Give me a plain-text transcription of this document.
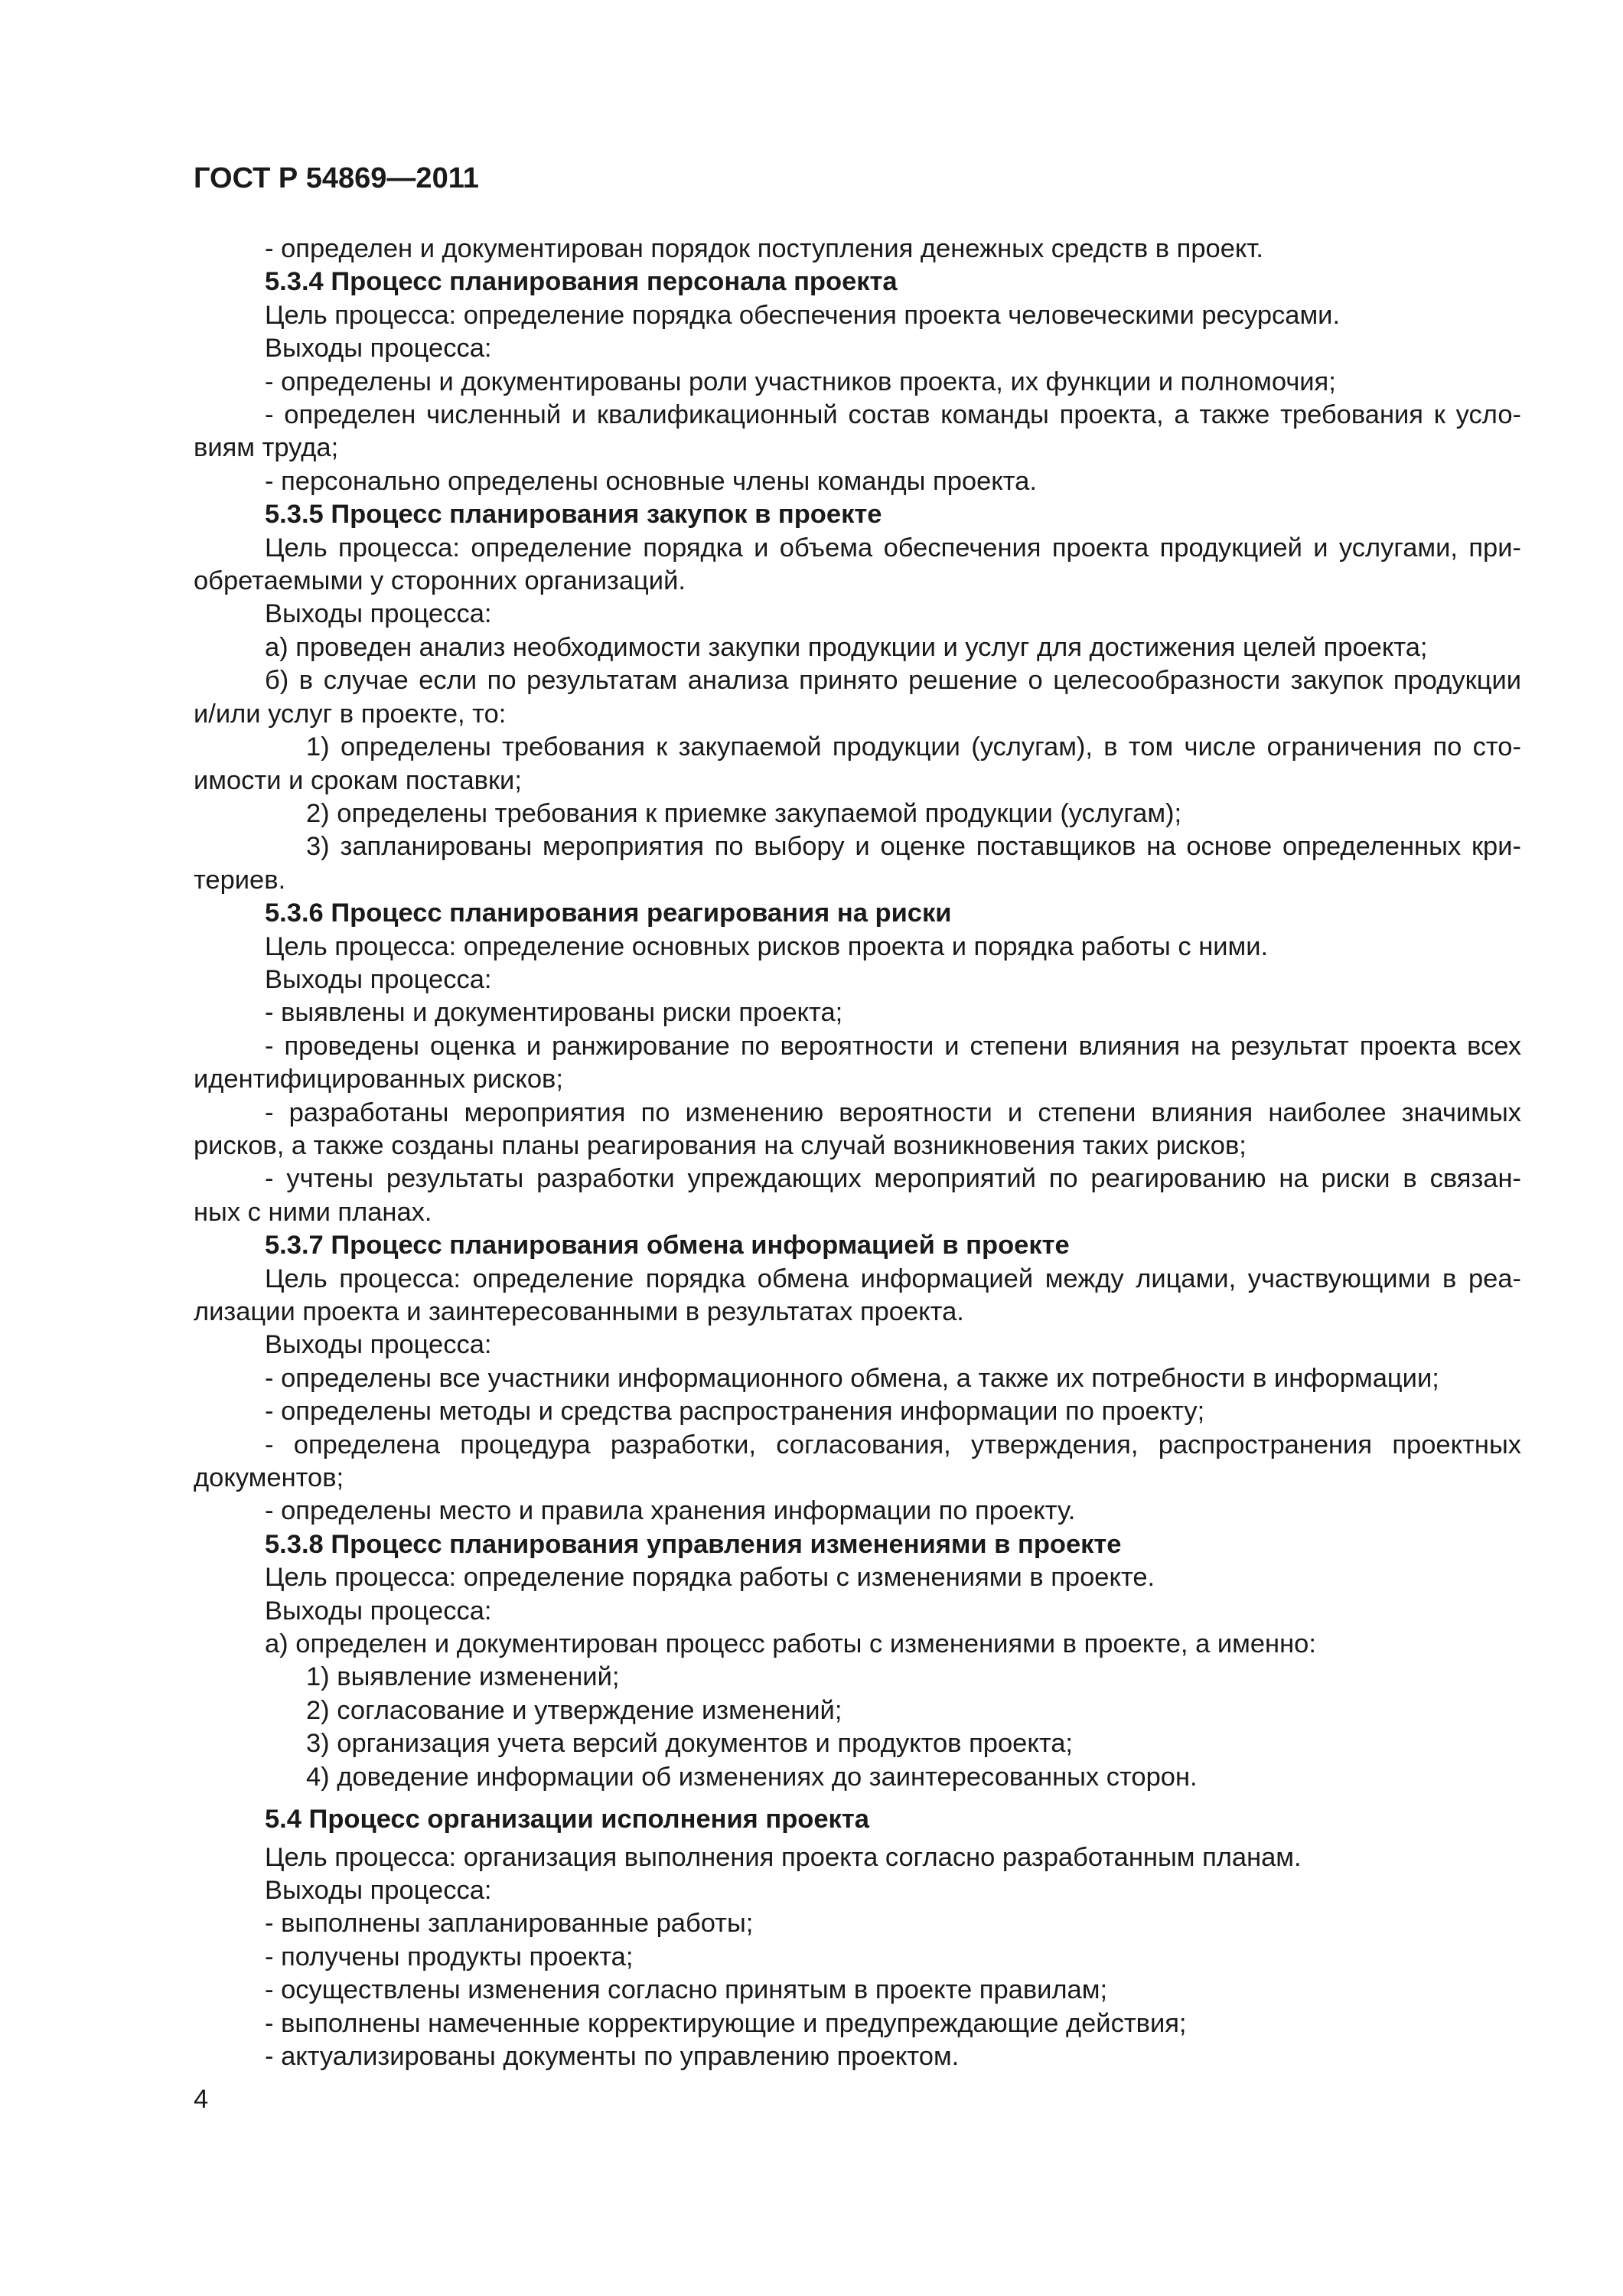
ГОСТ Р 54869—2011
- определен и документирован порядок поступления денежных средств в проект.
5.3.4 Процесс планирования персонала проекта
Цель процесса: определение порядка обеспечения проекта человеческими ресурсами.
Выходы процесса:
- определены и документированы роли участников проекта, их функции и полномочия;
- определен численный и квалификационный состав команды проекта, а также требования к усло-
виям труда;
- персонально определены основные члены команды проекта.
5.3.5 Процесс планирования закупок в проекте
Цель процесса: определение порядка и объема обеспечения проекта продукцией и услугами, при-
обретаемыми у сторонних организаций.
Выходы процесса:
а) проведен анализ необходимости закупки продукции и услуг для достижения целей проекта;
б) в случае если по результатам анализа принято решение о целесообразности закупок продукции
и/или услуг в проекте, то:
1) определены требования к закупаемой продукции (услугам), в том числе ограничения по сто-
имости и срокам поставки;
2) определены требования к приемке закупаемой продукции (услугам);
3) запланированы мероприятия по выбору и оценке поставщиков на основе определенных кри-
териев.
5.3.6 Процесс планирования реагирования на риски
Цель процесса: определение основных рисков проекта и порядка работы с ними.
Выходы процесса:
- выявлены и документированы риски проекта;
- проведены оценка и ранжирование по вероятности и степени влияния на результат проекта всех
идентифицированных рисков;
- разработаны мероприятия по изменению вероятности и степени влияния наиболее значимых
рисков, а также созданы планы реагирования на случай возникновения таких рисков;
- учтены результаты разработки упреждающих мероприятий по реагированию на риски в связан-
ных с ними планах.
5.3.7 Процесс планирования обмена информацией в проекте
Цель процесса: определение порядка обмена информацией между лицами, участвующими в реа-
лизации проекта и заинтересованными в результатах проекта.
Выходы процесса:
- определены все участники информационного обмена, а также их потребности в информации;
- определены методы и средства распространения информации по проекту;
- определена процедура разработки, согласования, утверждения, распространения проектных
документов;
- определены место и правила хранения информации по проекту.
5.3.8 Процесс планирования управления изменениями в проекте
Цель процесса: определение порядка работы с изменениями в проекте.
Выходы процесса:
а) определен и документирован процесс работы с изменениями в проекте, а именно:
1) выявление изменений;
2) согласование и утверждение изменений;
3) организация учета версий документов и продуктов проекта;
4) доведение информации об изменениях до заинтересованных сторон.
5.4 Процесс организации исполнения проекта
Цель процесса: организация выполнения проекта согласно разработанным планам.
Выходы процесса:
- выполнены запланированные работы;
- получены продукты проекта;
- осуществлены изменения согласно принятым в проекте правилам;
- выполнены намеченные корректирующие и предупреждающие действия;
- актуализированы документы по управлению проектом.
4
